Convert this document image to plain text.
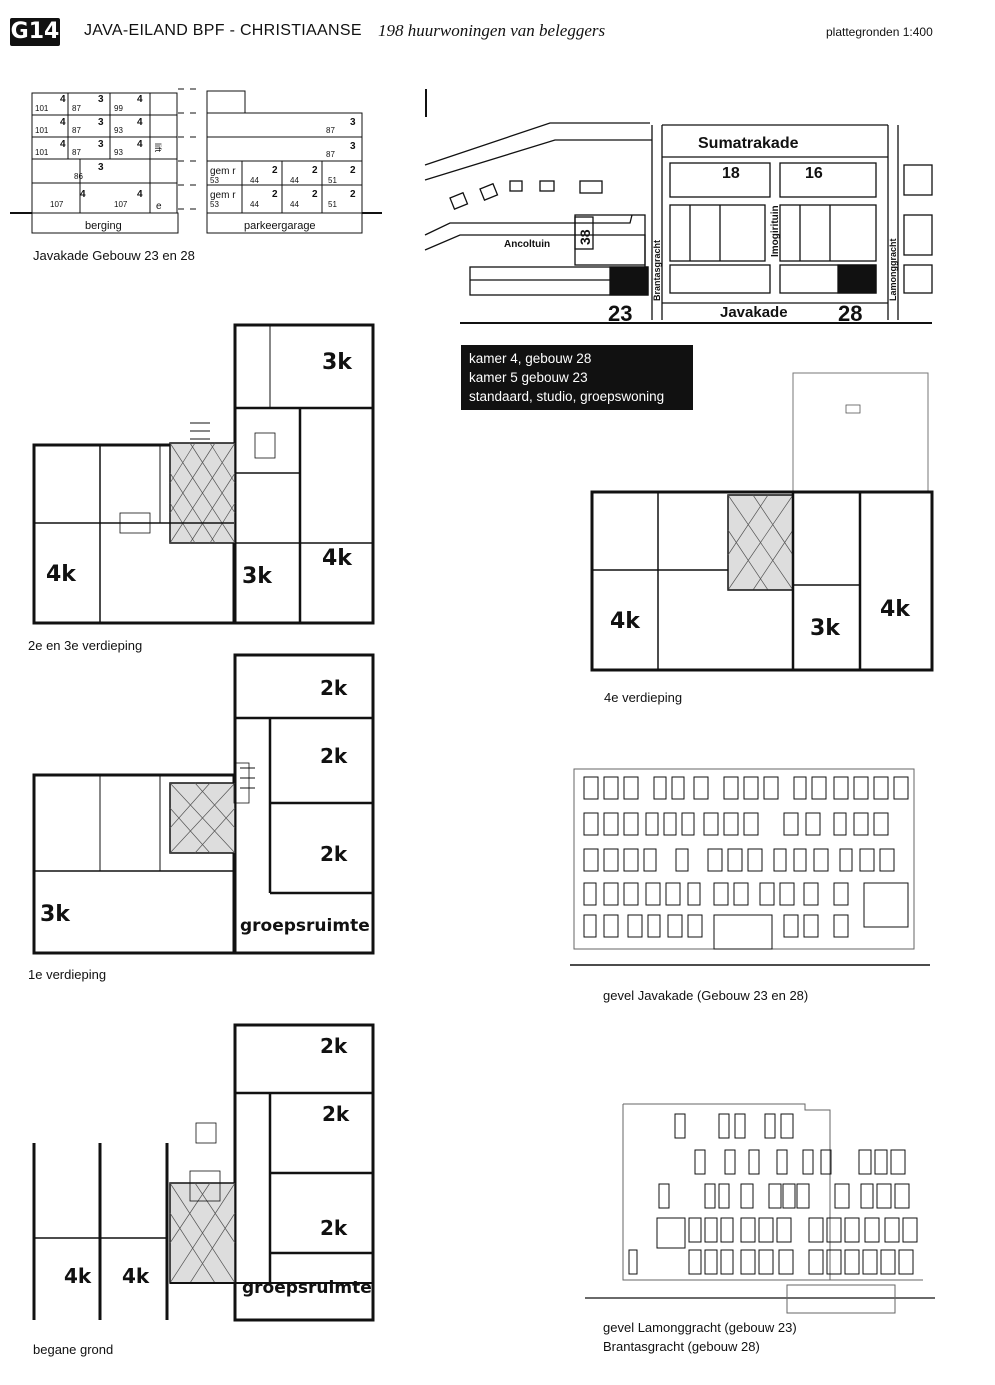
G14 JAVA-EILAND BPF - CHRISTIAANSE 198 huurwoningen van beleggers	plattegronden 1:400
101	87	99
101	87	93
101	87	93
86
107	107
4	3	4
4	3	4
4	3	4
3
4	4
3
3
2	2	2
2	2	2
87
87
53	44	44	51
53	44	44	51
gem r
gem r
lift
e
berging	parkeergarage
Javakade Gebouw 23 en 28
Sumatrakade
Javakade
Ancoltuin	Imogirituin
Brantasgracht	Lamonggracht
18	16
38
23	28
kamer 4, gebouw 28
kamer 5 gebouw 23
standaard, studio, groepswoning
3k
4k	3k
4k
2e en 3e verdieping
2k
2k
2k
3k	groepsruimte
1e verdieping
2k
2k
2k
4k 4k	groepsruimte
begane grond
4k	3k
4k
4e verdieping
gevel Javakade (Gebouw 23 en 28)
gevel Lamonggracht (gebouw 23)
Brantasgracht (gebouw 28)
